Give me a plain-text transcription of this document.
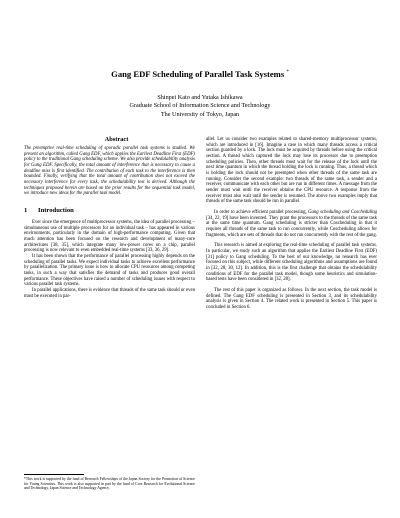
Gang EDF Scheduling of Parallel Task Systems *
Shinpei Kato and Yutaka Ishikawa
Graduate School of Information Science and Technology
The University of Tokyo, Japan
Abstract

The preemptive real-time scheduling of sporadic parallel task systems is studied. We present an algorithm, called Gang EDF, which applies the Earliest Deadline First (EDF) policy to the traditional Gang scheduling scheme. We also provide schedulability analysis for Gang EDF. Specifically, the total amount of interference that is necessary to cause a deadline miss is first identified. The contribution of each task to the interference is then bounded. Finally, verifying that the total amount of contribution does not exceed the necessary interference for every task, the schedulability test is derived. Although the techniques proposed herein are based on the prior results for the sequential task model, we introduce new ideas for the parallel task model.

1 Introduction

Ever since the emergence of multiprocessor systems, the idea of parallel processing – simultaneous use of multiple processors for an individual task – has appeared in various environments, particularly in the domain of high-performance computing. Given that much attention has been focused on the research and development of many-core architectures [38, 35], which integrate many low-power cores on a chip, parallel processing is now relevant to even embedded real-time systems [33, 36, 29].

It has been shown that the performance of parallel processing highly depends on the scheduling of parallel tasks. We expect individual tasks to achieve excellent performance by parallelization. The primary issue is how to allocate CPU resources among competing tasks, in such a way that satisfies the demand of tasks and produces good overall performance. These objectives have raised a number of scheduling issues with respect to various parallel task systems.

In parallel applications, there is evidence that threads of the same task should or even must be executed in par-

*This work is supported by the fund of Research Fellowships of the Japan Society for the Promotion of Science for Young Scientists. This work is also supported in part by the fund of Core Research for Evolutional Science and Technology, Japan Science and Technology Agency.

allel. Let us consider two examples related to shared-memory multiprocessor systems, which are introduced in [16]. Imagine a case in which many threads access a critical section guarded by a lock. The lock must be acquired by threads before using the critical section. A thread which captured the lock may lose its processor due to preemption scheduling policies. Then, other threads must wait for the release of the lock until the next time quantum in which the thread holding the lock is running. Thus, a thread which is holding the lock should not be preempted when other threads of the same task are running. Consider the second example: two threads of the same task, a sender and a receiver, communicate with each other but are run in different times. A message from the sender must wait until the receiver obtains the CPU resource. A response from the receiver must also wait until the sender is resumed. The above two examples imply that threads of the same task should be run in parallel.

In order to achieve efficient parallel processing, Gang scheduling and Coscheduling [34, 22, 19] have been invented. They grant the processors to the threads of the same task at the same time quantum. Gang scheduling is stricter than Coscheduling in that it requires all threads of the same task to run concurrently, while Coscheduling allows for fragments, which are sets of threads that do not run concurrently with the rest of the gang.

This research is aimed at exploring the real-time scheduling of parallel task systems. In particular, we study such an algorithm that applies the Earliest Deadline First (EDF) [31] policy to Gang scheduling. To the best of our knowledge, no research has ever focused on this subject, while different scheduling algorithms and assumptions are found in [32, 28, 30, 12]. In addition, this is the first challenge that obtains the schedulability conditions of EDF for the parallel task model, though some heuristics and simulation-based tests have been considered in [32, 28].

The rest of this paper is organized as follows. In the next section, the task model is defined. The Gang EDF scheduling is presented in Section 3, and its schedulability analysis is given in Section 4. The related work is presented in Section 5. This paper is concluded in Section 6.
